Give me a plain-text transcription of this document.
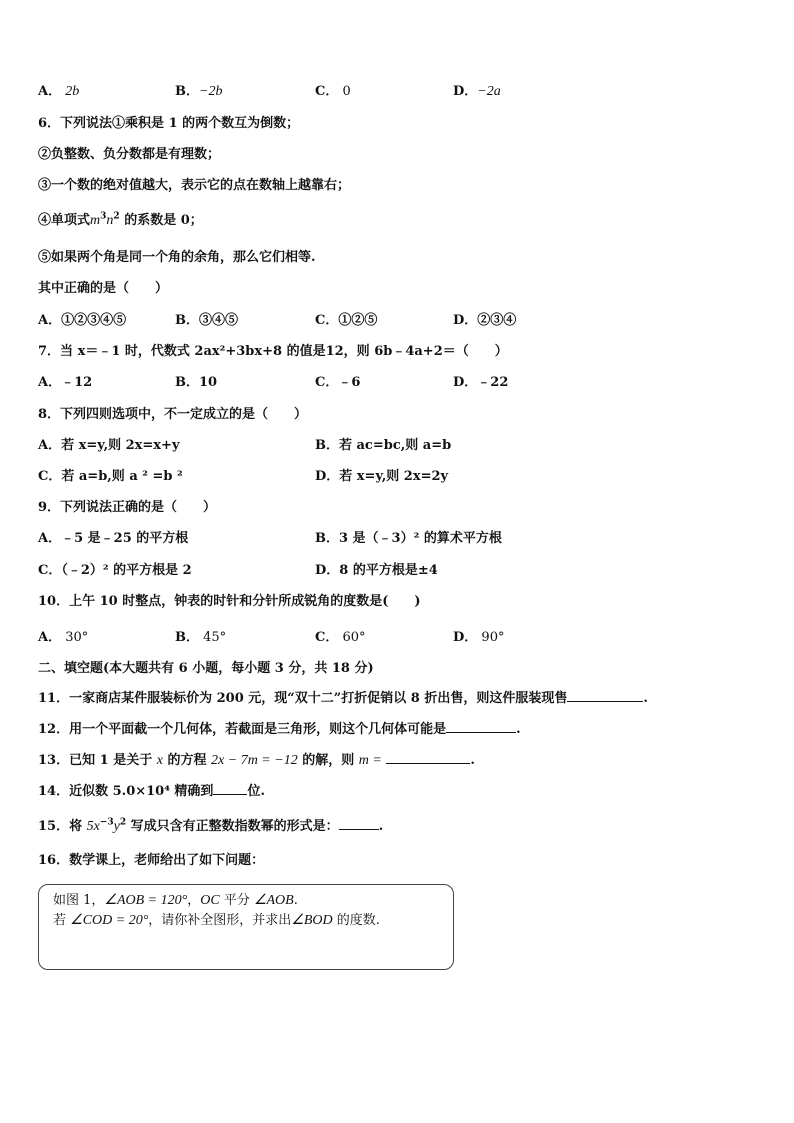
A． 2b	B．−2b	C． 0	D．−2a
6．下列说法①乘积是 1 的两个数互为倒数；
②负整数、负分数都是有理数；
③一个数的绝对值越大，表示它的点在数轴上越靠右；
④单项式$m^3n^2$ 的系数是 0；
⑤如果两个角是同一个角的余角，那么它们相等.
其中正确的是（　　）
A．①②③④⑤	B．③④⑤	C．①②⑤	D．②③④
7．当 x＝﹣1 时，代数式 2ax²+3bx+8 的值是12，则 6b﹣4a+2＝（　　）
A．﹣12	B．10	C．﹣6	D．﹣22
8．下列四则选项中，不一定成立的是（　　）
A．若 x=y,则 2x=x+y	B．若 ac=bc,则 a=b
C．若 a=b,则 a ² =b ²	D．若 x=y,则 2x=2y
9．下列说法正确的是（　　）
A．﹣5 是﹣25 的平方根	B．3 是（﹣3）² 的算术平方根
C．（﹣2）² 的平方根是 2	D．8 的平方根是±4
10．上午 10 时整点，钟表的时针和分针所成锐角的度数是(　　)
A． 30°	B． 45°	C． 60°	D． 90°
二、填空题(本大题共有 6 小题，每小题 3 分，共 18 分)
11．一家商店某件服装标价为 200 元，现“双十二”打折促销以 8 折出售，则这件服装现售	.
12．用一个平面截一个几何体，若截面是三角形，则这个几何体可能是	.
13．已知 1 是关于 x 的方程 2x − 7m = −12 的解，则 m =	.
14．近似数 5.0×10⁴ 精确到	位.
15．将 $5x^{-3}y^2$ 写成只含有正整数指数幂的形式是：	.
16．数学课上，老师给出了如下问题：
如图 1，∠AOB = 120°，OC 平分 ∠AOB.
若 ∠COD = 20°，请你补全图形，并求出∠BOD 的度数.
